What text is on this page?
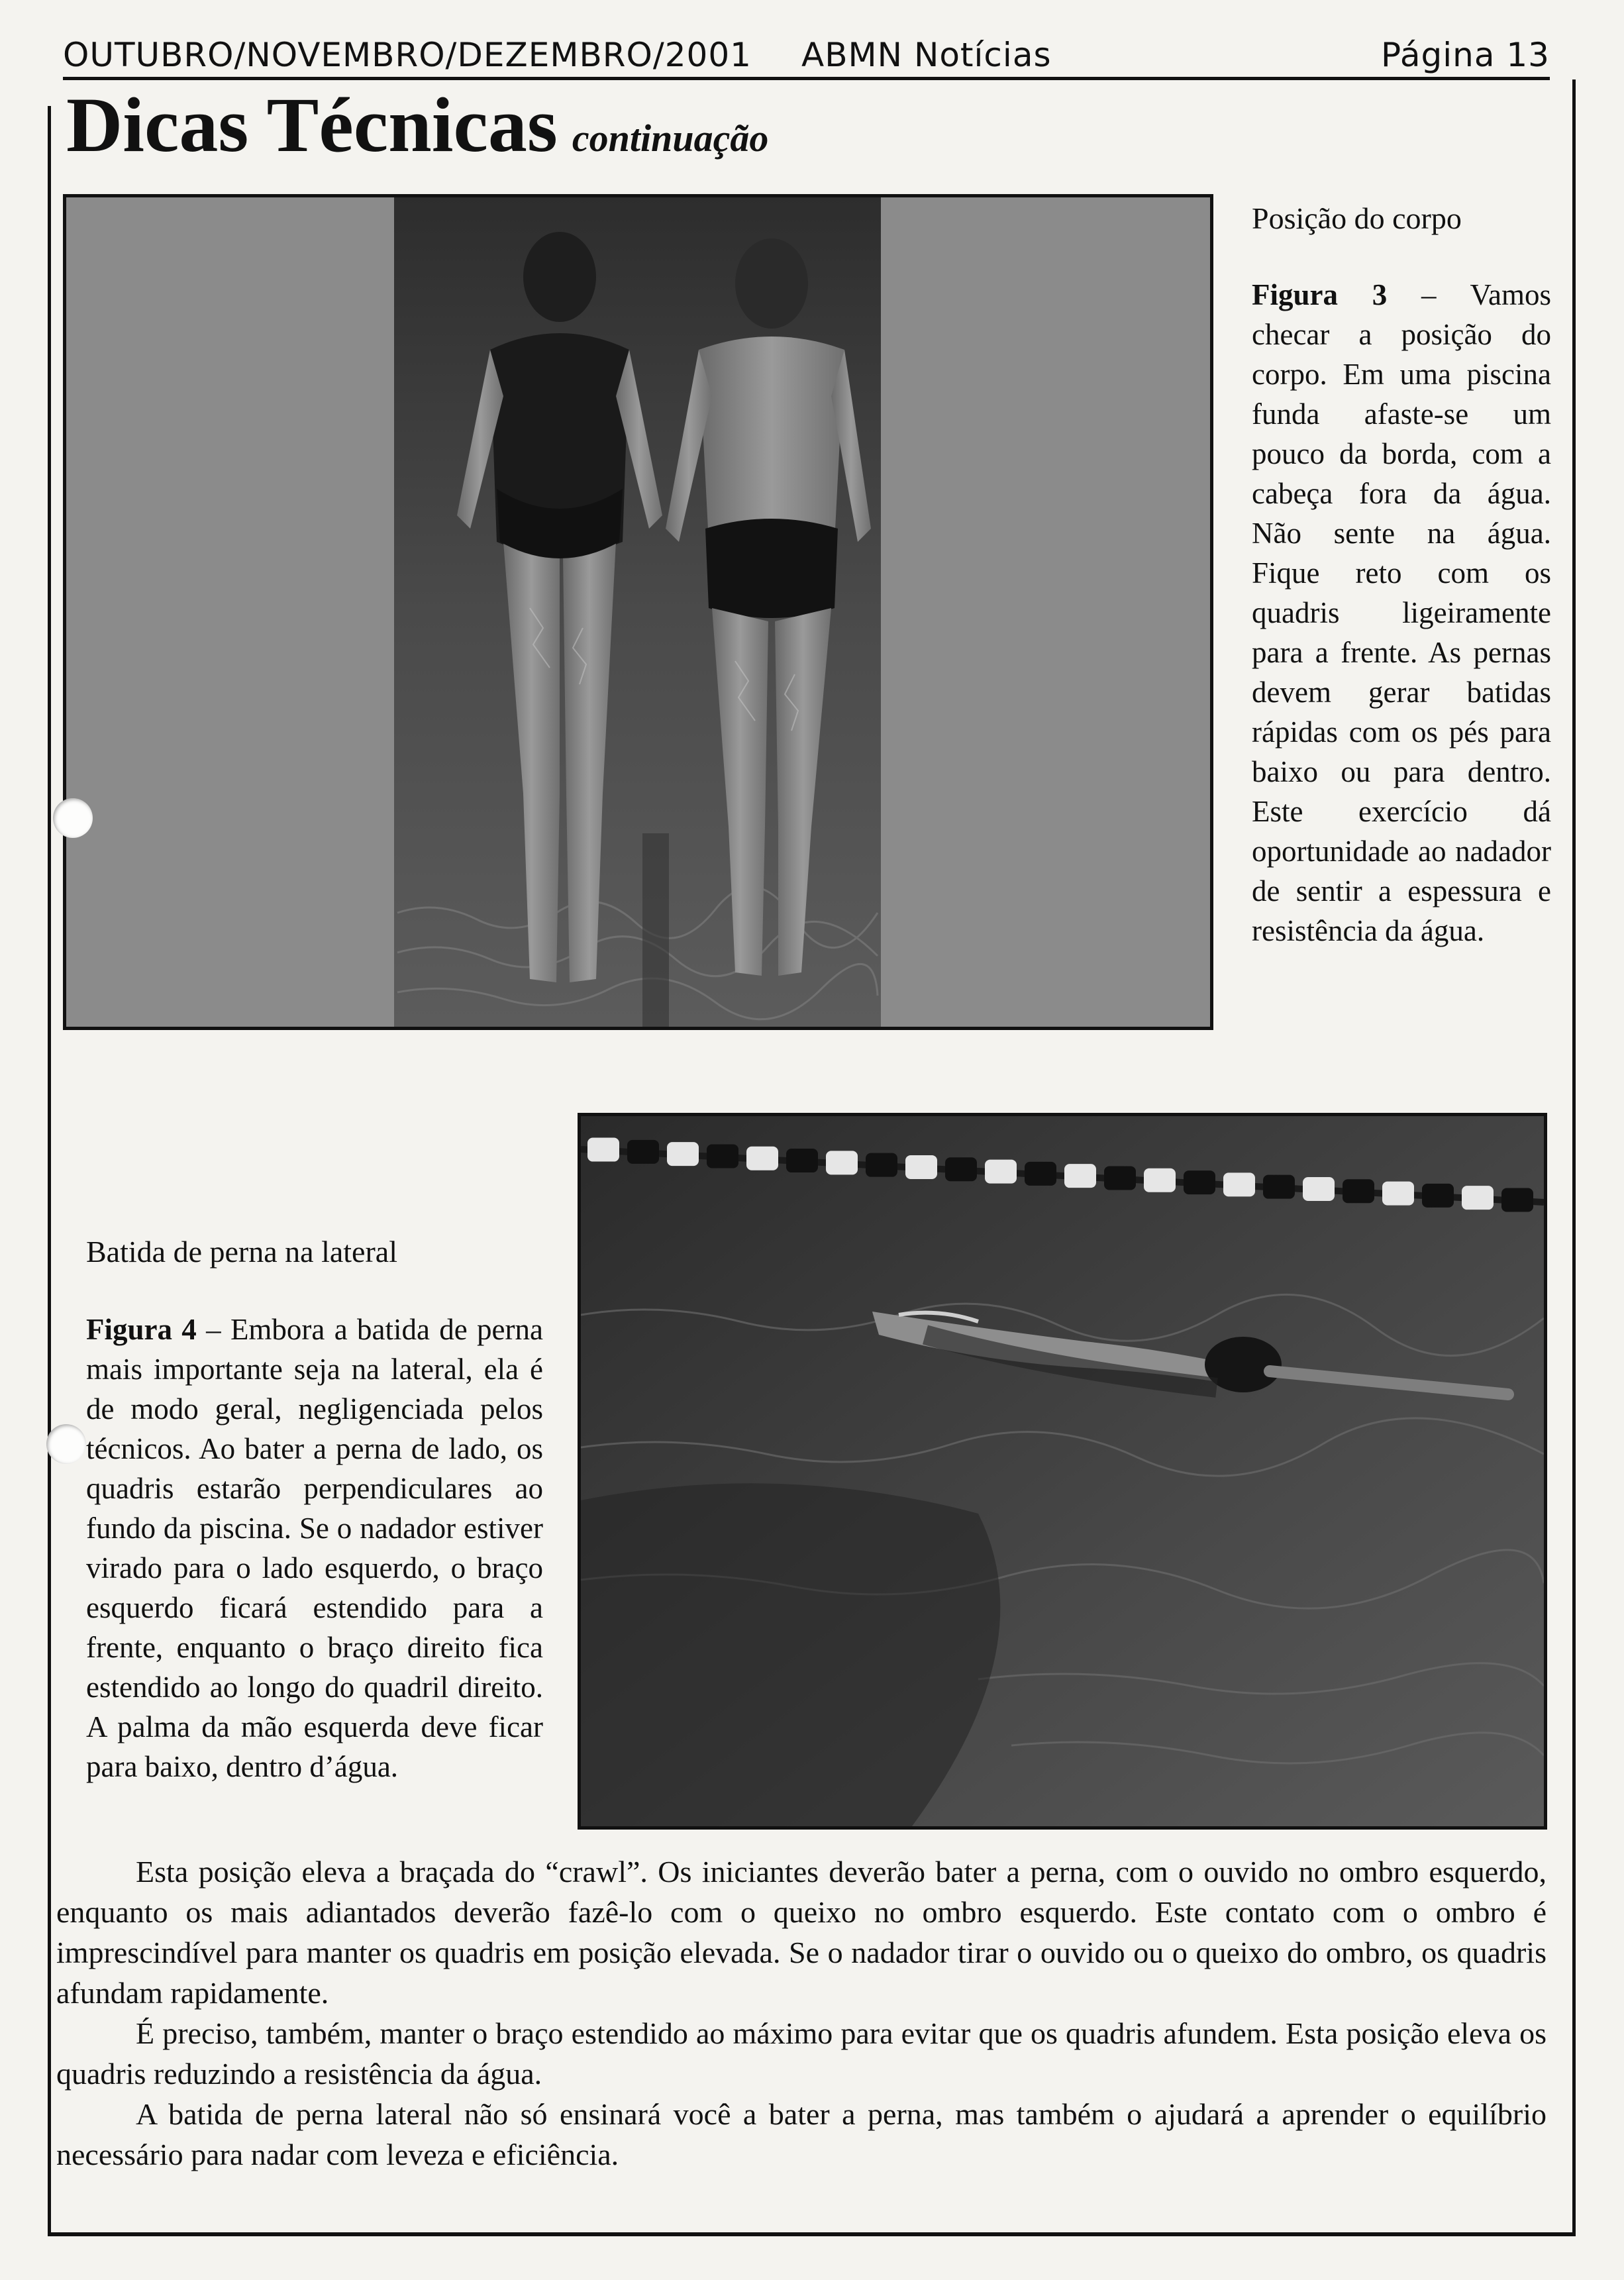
OUTUBRO/NOVEMBRO/DEZEMBRO/2001 ABMN Notícias	Página 13
Dicas Técnicas continuação
Posição do corpo
Figura 3 – Vamos checar a posição do corpo. Em uma piscina funda afaste-se um pouco da borda, com a cabeça fora da água. Não sente na água. Fique reto com os quadris ligeiramente para a frente. As pernas devem gerar batidas rápidas com os pés para baixo ou para dentro. Este exercício dá oportunidade ao nadador de sentir a espessura e resistência da água.
Batida de perna na lateral
Figura 4 – Embora a batida de perna mais importante seja na lateral, ela é de modo geral, negligenciada pelos técnicos. Ao bater a perna de lado, os quadris estarão perpendiculares ao fundo da piscina. Se o nadador estiver virado para o lado esquerdo, o braço esquerdo ficará estendido para a frente, enquanto o braço direito fica estendido ao longo do quadril direito. A palma da mão esquerda deve ficar para baixo, dentro d’água.

Esta posição eleva a braçada do “crawl”. Os iniciantes deverão bater a perna, com o ouvido no ombro esquerdo, enquanto os mais adiantados deverão fazê-lo com o queixo no ombro esquerdo. Este contato com o ombro é imprescindível para manter os quadris em posição elevada. Se o nadador tirar o ouvido ou o queixo do ombro, os quadris afundam rapidamente.

É preciso, também, manter o braço estendido ao máximo para evitar que os quadris afundem. Esta posição eleva os quadris reduzindo a resistência da água.

A batida de perna lateral não só ensinará você a bater a perna, mas também o ajudará a aprender o equilíbrio necessário para nadar com leveza e eficiência.
